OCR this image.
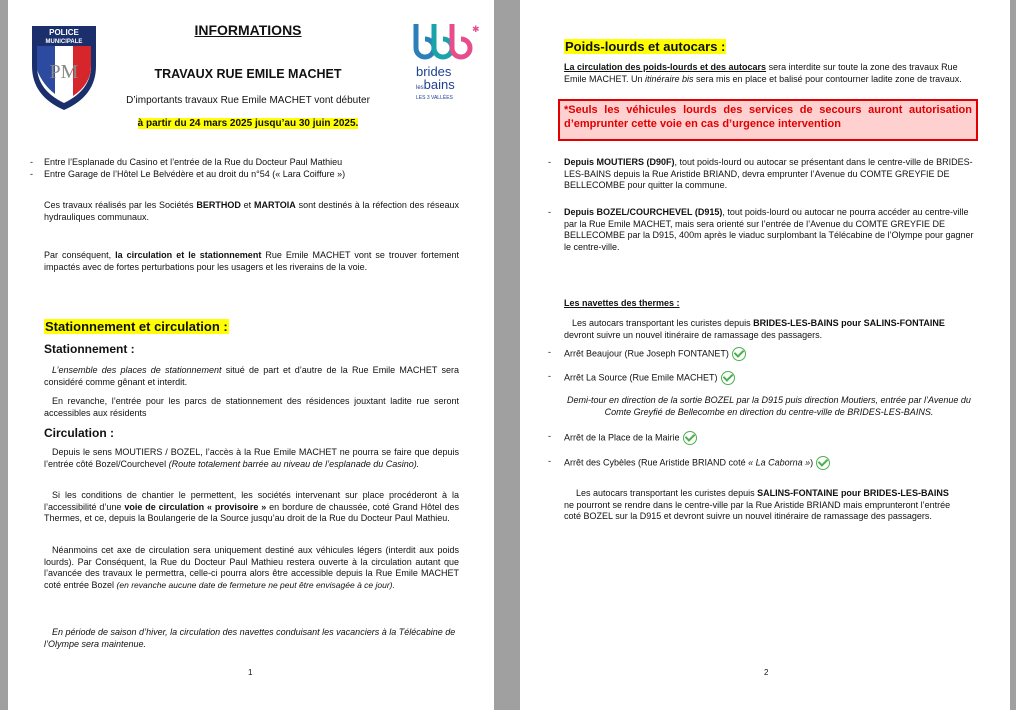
POLICE
MUNICIPALE
PM
✱
brides
lesbains
LES 3 VALLÉES
INFORMATIONS
TRAVAUX RUE EMILE MACHET
D’importants travaux Rue Emile MACHET vont débuter
à partir du 24 mars 2025 jusqu’au 30 juin 2025.
- Entre l’Esplanade du Casino et l’entrée de la Rue du Docteur Paul Mathieu
- Entre Garage de l’Hôtel Le Belvédère et au droit du n°54 (« Lara Coiffure »)
Ces travaux réalisés par les Sociétés BERTHOD et MARTOIA sont destinés à la réfection des réseaux hydrauliques communaux.
Par conséquent, la circulation et le stationnement Rue Emile MACHET vont se trouver fortement impactés avec de fortes perturbations pour les usagers et les riverains de la voie.
Stationnement et circulation :
Stationnement :
L’ensemble des places de stationnement situé de part et d’autre de la Rue Emile MACHET sera considéré comme gênant et interdit.
En revanche, l’entrée pour les parcs de stationnement des résidences jouxtant ladite rue seront accessibles aux résidents
Circulation :
Depuis le sens MOUTIERS / BOZEL, l’accès à la Rue Emile MACHET ne pourra se faire que depuis l’entrée côté Bozel/Courchevel (Route totalement barrée au niveau de l’esplanade du Casino).
Si les conditions de chantier le permettent, les sociétés intervenant sur place procéderont à la l’accessibilité d’une voie de circulation « provisoire » en bordure de chaussée, coté Grand Hôtel des Thermes, et ce, depuis la Boulangerie de la Source jusqu’au droit de la Rue du Docteur Paul Mathieu.
Néanmoins cet axe de circulation sera uniquement destiné aux véhicules légers (interdit aux poids lourds). Par Conséquent, la Rue du Docteur Paul Mathieu restera ouverte à la circulation autant que l’avancée des travaux le permettra, celle-ci pourra alors être accessible depuis la Rue Emile MACHET coté entrée Bozel (en revanche aucune date de fermeture ne peut être envisagée à ce jour).
En période de saison d’hiver, la circulation des navettes conduisant les vacanciers à la Télécabine de l’Olympe sera maintenue.
1
Poids-lourds et autocars :
La circulation des poids-lourds et des autocars sera interdite sur toute la zone des travaux Rue Emile MACHET. Un itinéraire bis sera mis en place et balisé pour contourner ladite zone de travaux.
*Seuls les véhicules lourds des services de secours auront autorisation d’emprunter cette voie en cas d’urgence intervention
- Depuis MOUTIERS (D90F), tout poids-lourd ou autocar se présentant dans le centre-ville de BRIDES-LES-BAINS depuis la Rue Aristide BRIAND, devra emprunter l’Avenue du COMTE GREYFIE DE BELLECOMBE pour quitter la commune.
- Depuis BOZEL/COURCHEVEL (D915), tout poids-lourd ou autocar ne pourra accéder au centre-ville par la Rue Emile MACHET, mais sera orienté sur l’entrée de l’Avenue du COMTE GREYFIE DE BELLECOMBE par la D915, 400m après le viaduc surplombant la Télécabine de l’Olympe pour gagner le centre-ville.
Les navettes des thermes :
Les autocars transportant les curistes depuis BRIDES-LES-BAINS pour SALINS-FONTAINE devront suivre un nouvel itinéraire de ramassage des passagers.
- Arrêt Beaujour (Rue Joseph FONTANET)
- Arrêt La Source (Rue Emile MACHET)
Demi-tour en direction de la sortie BOZEL par la D915 puis direction Moutiers, entrée par l’Avenue du Comte Greyfié de Bellecombe en direction du centre-ville de BRIDES-LES-BAINS.
- Arrêt de la Place de la Mairie
- Arrêt des Cybèles (Rue Aristide BRIAND coté « La Caborna »)
Les autocars transportant les curistes depuis SALINS-FONTAINE pour BRIDES-LES-BAINS ne pourront se rendre dans le centre-ville par la Rue Aristide BRIAND mais emprunteront l’entrée coté BOZEL sur la D915 et devront suivre un nouvel itinéraire de ramassage des passagers.
2
